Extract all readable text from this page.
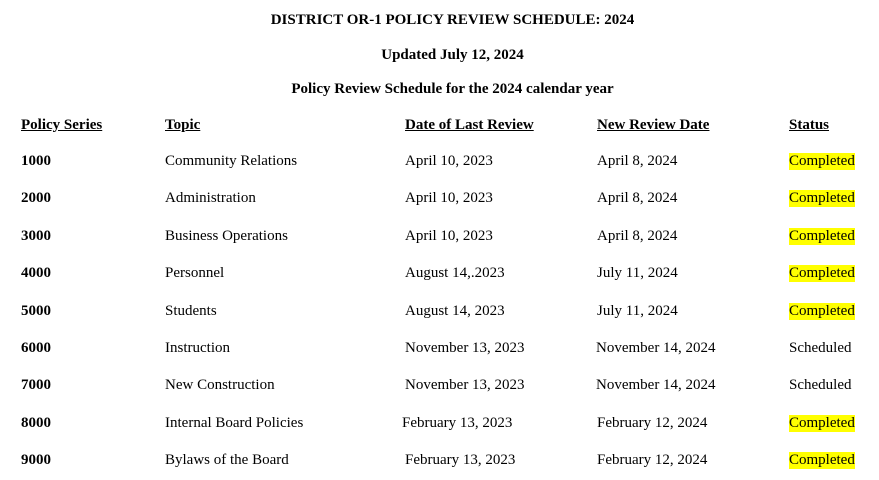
DISTRICT OR-1 POLICY REVIEW SCHEDULE: 2024
Updated July 12, 2024
Policy Review Schedule for the 2024 calendar year
Policy Series	Topic	Date of Last Review	New Review Date	Status
1000	Community Relations	April 10, 2023	April 8, 2024	Completed
2000	Administration	April 10, 2023	April 8, 2024	Completed
3000	Business Operations	April 10, 2023	April 8, 2024	Completed
4000	Personnel	August 14,.2023	July 11, 2024	Completed
5000	Students	August 14, 2023	July 11, 2024	Completed
6000	Instruction	November 13, 2023	November 14, 2024	Scheduled
7000	New Construction	November 13, 2023	November 14, 2024	Scheduled
8000	Internal Board Policies	February 13, 2023	February 12, 2024	Completed
9000	Bylaws of the Board	February 13, 2023	February 12, 2024	Completed
